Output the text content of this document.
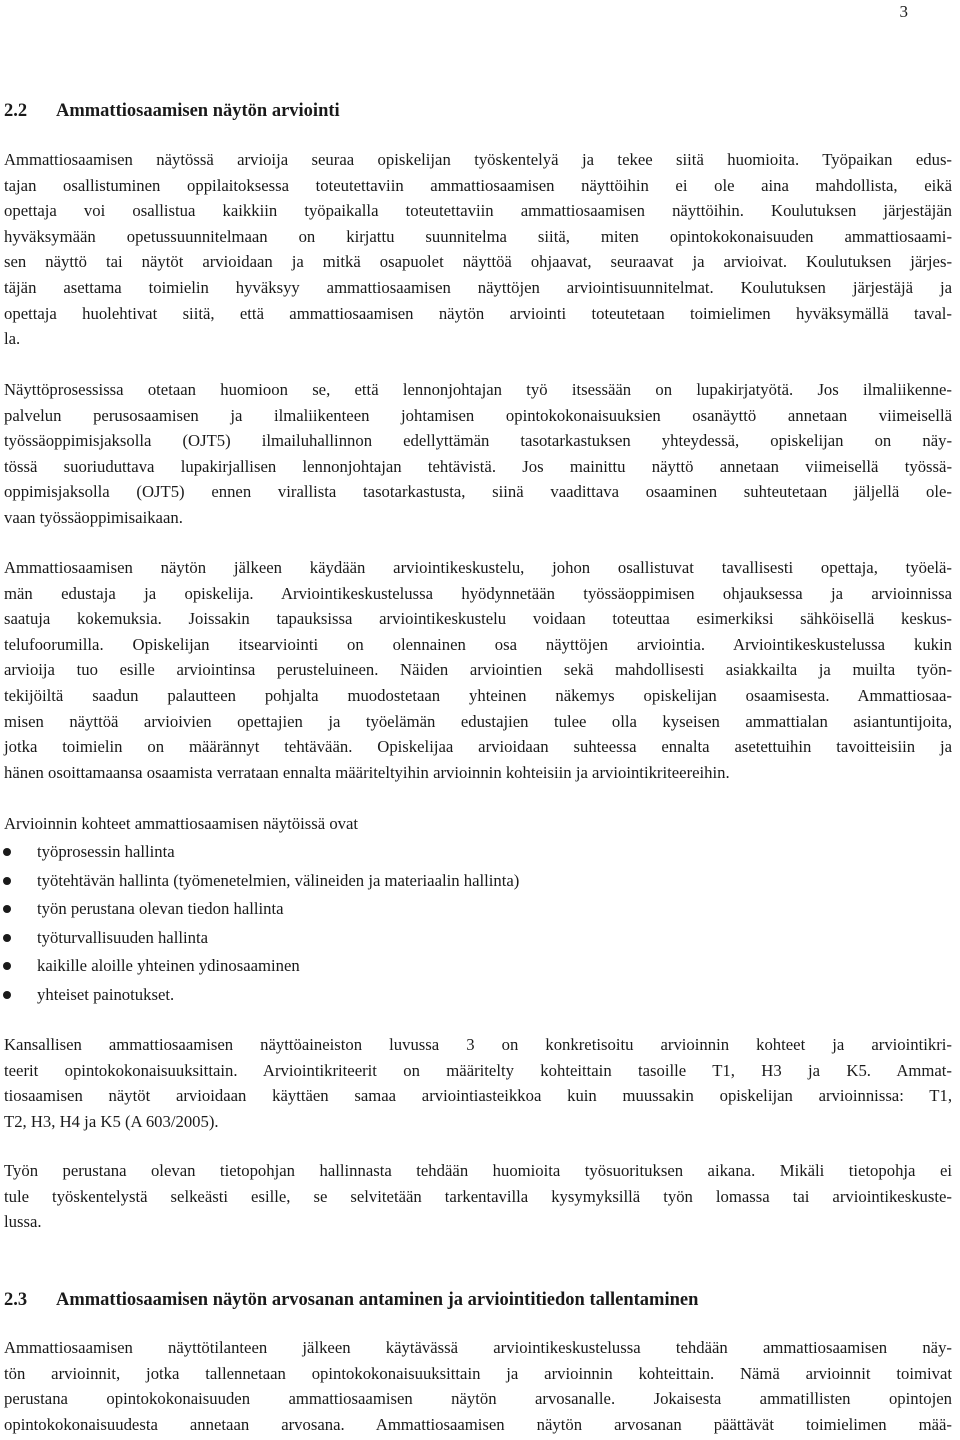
3
2.2 Ammattiosaamisen näytön arviointi
Ammattiosaamisen näytössä arvioija seuraa opiskelijan työskentelyä ja tekee siitä huomioita. Työpaikan edus-
tajan osallistuminen oppilaitoksessa toteutettaviin ammattiosaamisen näyttöihin ei ole aina mahdollista, eikä
opettaja voi osallistua kaikkiin työpaikalla toteutettaviin ammattiosaamisen näyttöihin. Koulutuksen järjestäjän
hyväksymään opetussuunnitelmaan on kirjattu suunnitelma siitä, miten opintokokonaisuuden ammattiosaami-
sen näyttö tai näytöt arvioidaan ja mitkä osapuolet näyttöä ohjaavat, seuraavat ja arvioivat. Koulutuksen järjes-
täjän asettama toimielin hyväksyy ammattiosaamisen näyttöjen arviointisuunnitelmat. Koulutuksen järjestäjä ja
opettaja huolehtivat siitä, että ammattiosaamisen näytön arviointi toteutetaan toimielimen hyväksymällä taval-
la.
Näyttöprosessissa otetaan huomioon se, että lennonjohtajan työ itsessään on lupakirjatyötä. Jos ilmaliikenne-
palvelun perusosaamisen ja ilmaliikenteen johtamisen opintokokonaisuuksien osanäyttö annetaan viimeisellä
työssäoppimisjaksolla (OJT5) ilmailuhallinnon edellyttämän tasotarkastuksen yhteydessä, opiskelijan on näy-
tössä suoriuduttava lupakirjallisen lennonjohtajan tehtävistä. Jos mainittu näyttö annetaan viimeisellä työssä-
oppimisjaksolla (OJT5) ennen virallista tasotarkastusta, siinä vaadittava osaaminen suhteutetaan jäljellä ole-
vaan työssäoppimisaikaan.
Ammattiosaamisen näytön jälkeen käydään arviointikeskustelu, johon osallistuvat tavallisesti opettaja, työelä-
män edustaja ja opiskelija. Arviointikeskustelussa hyödynnetään työssäoppimisen ohjauksessa ja arvioinnissa
saatuja kokemuksia. Joissakin tapauksissa arviointikeskustelu voidaan toteuttaa esimerkiksi sähköisellä keskus-
telufoorumilla. Opiskelijan itsearviointi on olennainen osa näyttöjen arviointia. Arviointikeskustelussa kukin
arvioija tuo esille arviointinsa perusteluineen. Näiden arviointien sekä mahdollisesti asiakkailta ja muilta työn-
tekijöiltä saadun palautteen pohjalta muodostetaan yhteinen näkemys opiskelijan osaamisesta. Ammattiosaa-
misen näyttöä arvioivien opettajien ja työelämän edustajien tulee olla kyseisen ammattialan asiantuntijoita,
jotka toimielin on määrännyt tehtävään. Opiskelijaa arvioidaan suhteessa ennalta asetettuihin tavoitteisiin ja
hänen osoittamaansa osaamista verrataan ennalta määriteltyihin arvioinnin kohteisiin ja arviointikriteereihin.
Arvioinnin kohteet ammattiosaamisen näytöissä ovat
työprosessin hallinta
työtehtävän hallinta (työmenetelmien, välineiden ja materiaalin hallinta)
työn perustana olevan tiedon hallinta
työturvallisuuden hallinta
kaikille aloille yhteinen ydinosaaminen
yhteiset painotukset.
Kansallisen ammattiosaamisen näyttöaineiston luvussa 3 on konkretisoitu arvioinnin kohteet ja arviointikri-
teerit opintokokonaisuuksittain. Arviointikriteerit on määritelty kohteittain tasoille T1, H3 ja K5. Ammat-
tiosaamisen näytöt arvioidaan käyttäen samaa arviointiasteikkoa kuin muussakin opiskelijan arvioinnissa: T1,
T2, H3, H4 ja K5 (A 603/2005).
Työn perustana olevan tietopohjan hallinnasta tehdään huomioita työsuorituksen aikana. Mikäli tietopohja ei
tule työskentelystä selkeästi esille, se selvitetään tarkentavilla kysymyksillä työn lomassa tai arviointikeskuste-
lussa.
2.3 Ammattiosaamisen näytön arvosanan antaminen ja arviointitiedon tallentaminen
Ammattiosaamisen näyttötilanteen jälkeen käytävässä arviointikeskustelussa tehdään ammattiosaamisen näy-
tön arvioinnit, jotka tallennetaan opintokokonaisuuksittain ja arvioinnin kohteittain. Nämä arvioinnit toimivat
perustana opintokokonaisuuden ammattiosaamisen näytön arvosanalle. Jokaisesta ammatillisten opintojen
opintokokonaisuudesta annetaan arvosana. Ammattiosaamisen näytön arvosanan päättävät toimielimen mää-
